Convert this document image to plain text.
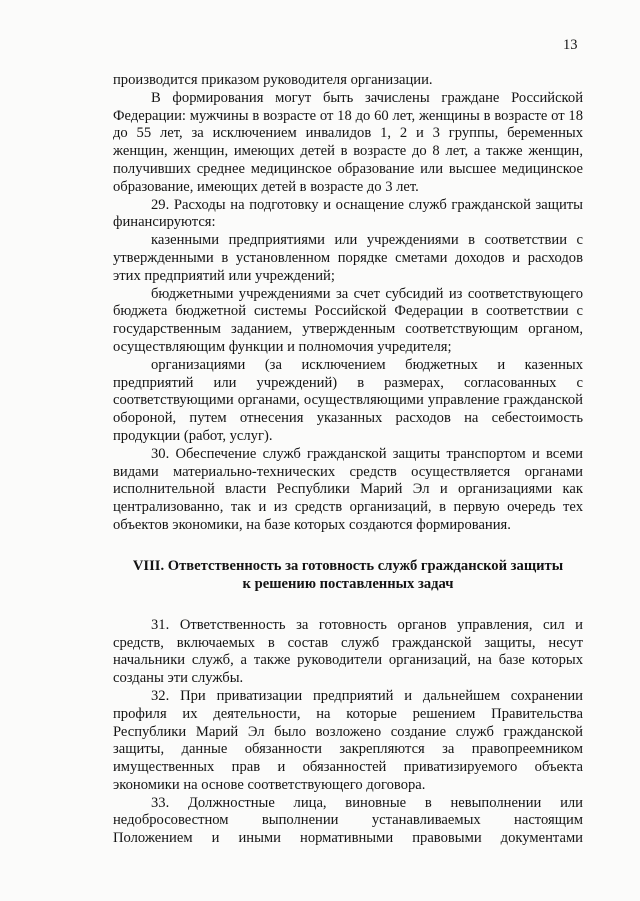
13

производится приказом руководителя организации.

В формирования могут быть зачислены граждане Российской Федерации: мужчины в возрасте от 18 до 60 лет, женщины в возрасте от 18 до 55 лет, за исключением инвалидов 1, 2 и 3 группы, беременных женщин, женщин, имеющих детей в возрасте до 8 лет, а также женщин, получивших среднее медицинское образование или высшее медицинское образование, имеющих детей в возрасте до 3 лет.

29. Расходы на подготовку и оснащение служб гражданской защиты финансируются:

казенными предприятиями или учреждениями в соответствии с утвержденными в установленном порядке сметами доходов и расходов этих предприятий или учреждений;

бюджетными учреждениями за счет субсидий из соответствующего бюджета бюджетной системы Российской Федерации в соответствии с государственным заданием, утвержденным соответствующим органом, осуществляющим функции и полномочия учредителя;

организациями (за исключением бюджетных и казенных предприятий или учреждений) в размерах, согласованных с соответствующими органами, осуществляющими управление гражданской обороной, путем отнесения указанных расходов на себестоимость продукции (работ, услуг).

30. Обеспечение служб гражданской защиты транспортом и всеми видами материально-технических средств осуществляется органами исполнительной власти Республики Марий Эл и организациями как централизованно, так и из средств организаций, в первую очередь тех объектов экономики, на базе которых создаются формирования.

VIII. Ответственность за готовность служб гражданской защиты
к решению поставленных задач

31. Ответственность за готовность органов управления, сил и средств, включаемых в состав служб гражданской защиты, несут начальники служб, а также руководители организаций, на базе которых созданы эти службы.

32. При приватизации предприятий и дальнейшем сохранении профиля их деятельности, на которые решением Правительства Республики Марий Эл было возложено создание служб гражданской защиты, данные обязанности закрепляются за правопреемником имущественных прав и обязанностей приватизируемого объекта экономики на основе соответствующего договора.

33. Должностные лица, виновные в невыполнении или
недобросовестном выполнении устанавливаемых настоящим
Положением и иными нормативными правовыми документами
